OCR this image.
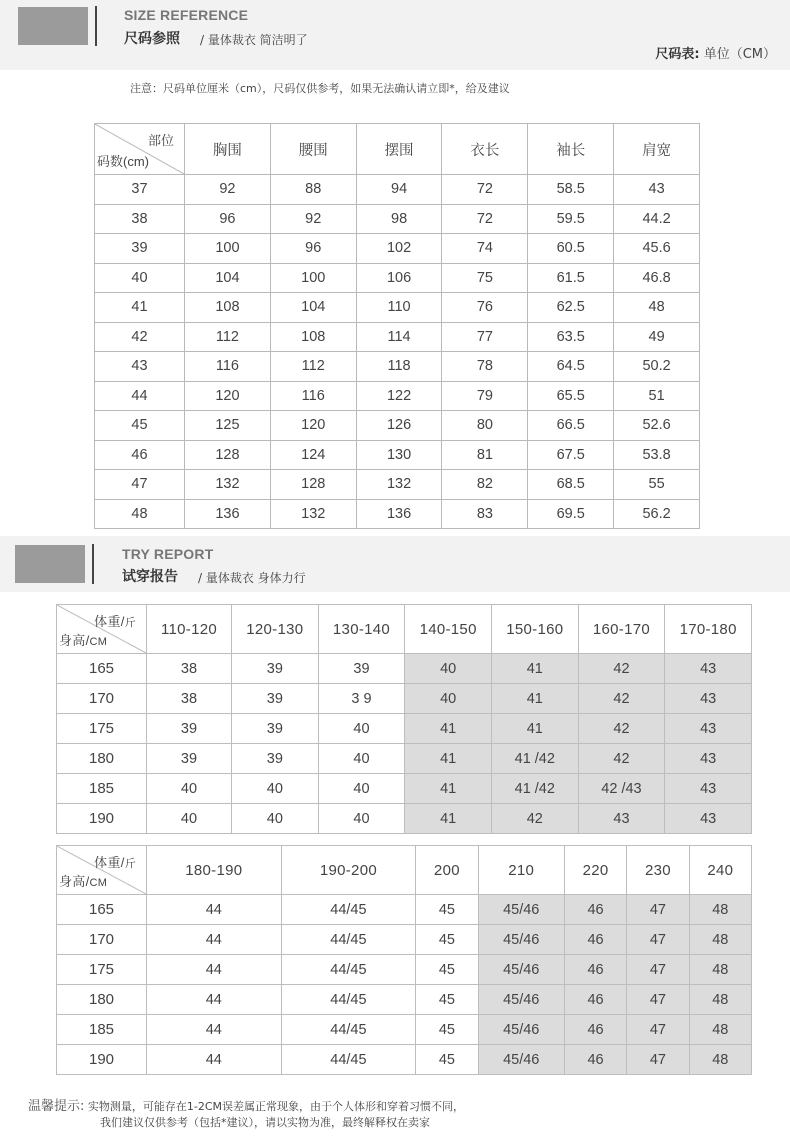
SIZE REFERENCE
尺码参照 / 量体裁衣 简洁明了
尺码表: 单位（CM）
注意：尺码单位厘米（cm），尺码仅供参考，如果无法确认请立即*，给及建议
部位
码数(cm)	胸围	腰围	摆围	衣长	袖长	肩宽
37	92	88	94	72	58.5	43
38	96	92	98	72	59.5	44.2
39	100	96	102	74	60.5	45.6
40	104	100	106	75	61.5	46.8
41	108	104	110	76	62.5	48
42	112	108	114	77	63.5	49
43	116	112	118	78	64.5	50.2
44	120	116	122	79	65.5	51
45	125	120	126	80	66.5	52.6
46	128	124	130	81	67.5	53.8
47	132	128	132	82	68.5	55
48	136	132	136	83	69.5	56.2
TRY REPORT
试穿报告 / 量体裁衣 身体力行
体重/斤
身高/CM	110-120	120-130	130-140	140-150	150-160	160-170	170-180
165	38	39	39	40	41	42	43
170	38	39	3 9	40	41	42	43
175	39	39	40	41	41	42	43
180	39	39	40	41	41 /42	42	43
185	40	40	40	41	41 /42	42 /43	43
190	40	40	40	41	42	43	43
体重/斤
身高/CM	180-190	190-200	200	210	220	230	240
165	44	44/45	45	45/46	46	47	48
170	44	44/45	45	45/46	46	47	48
175	44	44/45	45	45/46	46	47	48
180	44	44/45	45	45/46	46	47	48
185	44	44/45	45	45/46	46	47	48
190	44	44/45	45	45/46	46	47	48
温馨提示: 实物测量，可能存在1-2CM误差属正常现象，由于个人体形和穿着习惯不同，
我们建议仅供参考（包括*建议），请以实物为准，最终解释权在卖家
